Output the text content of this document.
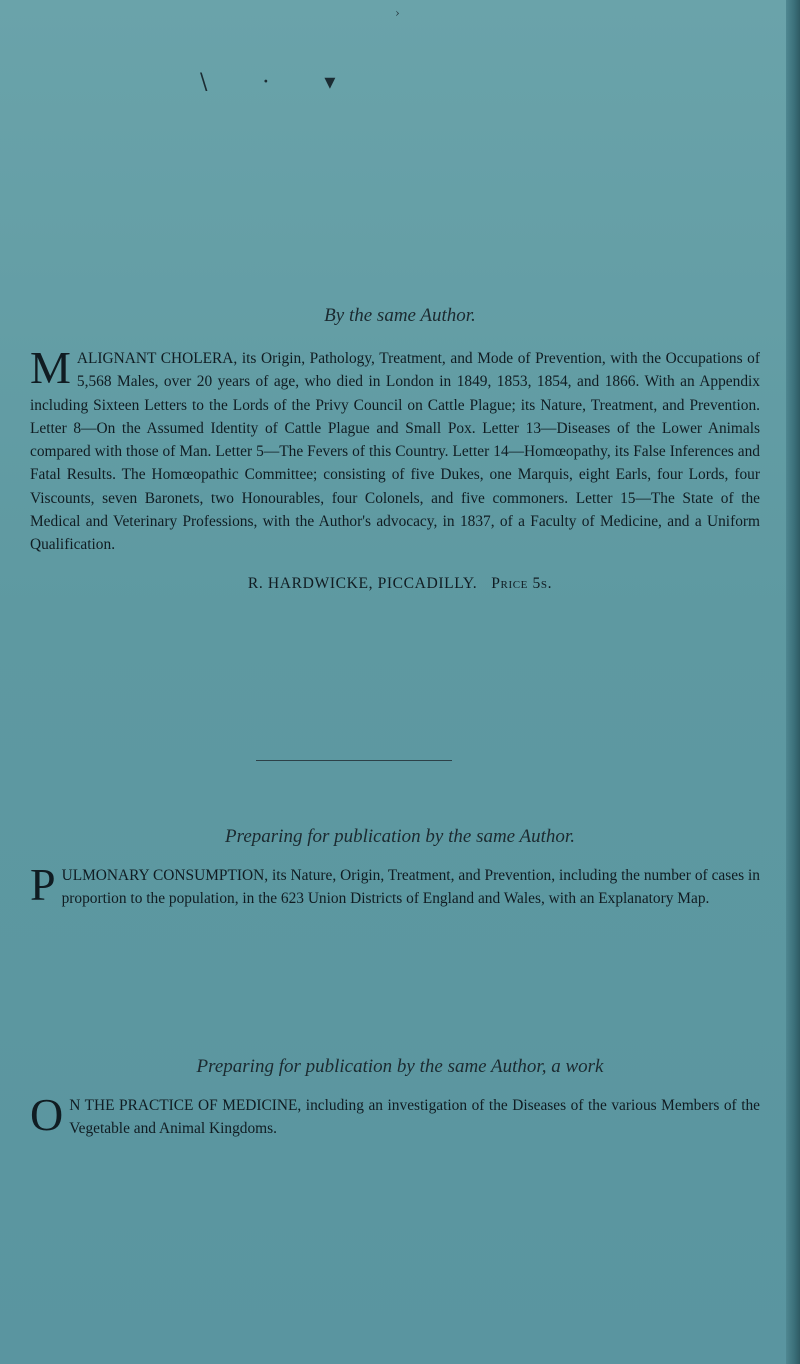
›
\ · ▾
By the same Author.

MALIGNANT CHOLERA, its Origin, Pathology, Treatment, and Mode of Prevention, with the Occupations of 5,568 Males, over 20 years of age, who died in London in 1849, 1853, 1854, and 1866. With an Appendix including Sixteen Letters to the Lords of the Privy Council on Cattle Plague; its Nature, Treatment, and Prevention. Letter 8—On the Assumed Identity of Cattle Plague and Small Pox. Letter 13—Diseases of the Lower Animals compared with those of Man. Letter 5—The Fevers of this Country. Letter 14—Homœopathy, its False Inferences and Fatal Results. The Homœopathic Committee; consisting of five Dukes, one Marquis, eight Earls, four Lords, four Viscounts, seven Baronets, two Honourables, four Colonels, and five commoners. Letter 15—The State of the Medical and Veterinary Professions, with the Author's advocacy, in 1837, of a Faculty of Medicine, and a Uniform Qualification.

R. HARDWICKE, PICCADILLY. Price 5s.
Preparing for publication by the same Author.

PULMONARY CONSUMPTION, its Nature, Origin, Treatment, and Prevention, including the number of cases in proportion to the population, in the 623 Union Districts of England and Wales, with an Explanatory Map.

Preparing for publication by the same Author, a work

O N THE PRACTICE OF MEDICINE, including an investigation of the Diseases of the various Members of the Vegetable and Animal Kingdoms.
